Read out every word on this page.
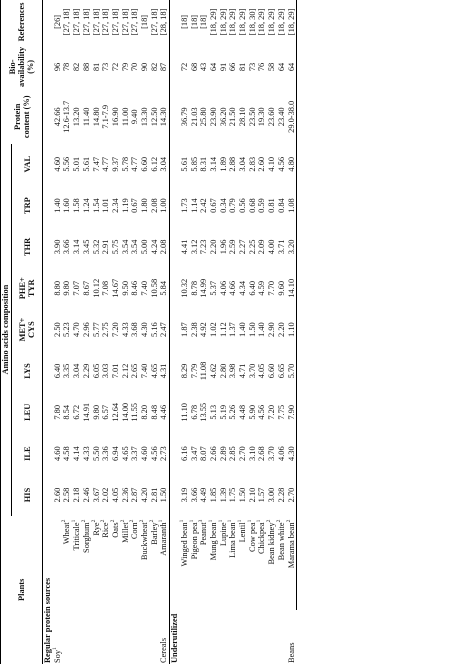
Plants		Amino acids composition									Protein content (%)	Bio- availability (%)	References
		HIS	ILE	LEU	LYS	MET+ CYS	PHE+ TYR	THR	TRP	VAL			
Regular protein sources													
Soy$^1$		2.60	4.60	7.80	6.40	2.50	8.80	3.90	1.40	4.60	42.66	96	[26]
Cereals	Wheat$^2$	2.58	4.58	8.54	3.35	5.23	9.80	3.66	1.60	5.56	12.6-13.7	78	[27, 18]
	Triticale$^1$	2.18	4.14	6.72	3.04	4.70	7.07	3.14	1.58	5.01	13.20	82	[27, 18]
	Sorghum$^2$	2.46	4.33	14.91	2.29	2.96	8.67	3.45	1.24	5.61	11.40	88	[27, 18]
	Rye$^2$	3.67	5.50	9.80	6.05	5.77	10.12	5.32	1.54	7.47	14.80	81	[27, 18]
	Rice$^2$	2.02	3.36	6.57	3.03	2.75	7.08	2.91	1.01	4.77	7.1-7.9	73	[27, 18]
	Oats$^2$	4.05	6.94	12.64	7.01	7.20	14.67	5.75	2.34	9.37	16.90	72	[27, 18]
	Millet$^2$	2.36	4.65	14.00	2.12	4.33	9.50	3.54	1.19	5.78	11.00	79	[27, 18]
	Corn$^2$	2.87	3.37	11.55	2.65	3.68	8.46	3.54	0.67	4.77	9.40	70	[27, 18]
	Buckwheat$^2$	4.20	4.60	8.20	7.40	4.30	7.40	5.00	1.80	6.60	13.30	90	[18]
	Barley$^2$	2.81	4.56	8.48	4.65	5.16	10.58	4.24	2.08	6.12	12.50	82	[27, 18]
	Amaranth$^1$	1.50	2.73	4.46	4.31	2.47	5.84	2.08	1.00	3.04	14.30	87	[28, 18]
Underutilized													
Beans	Winged bean$^1$	3.19	6.16	11.10	8.29	1.87	10.32	4.41	1.73	5.61	36.79	72	[18]
	Pigeon pea$^1$	3.66	3.47	6.78	7.79	2.38	8.78	3.12	1.14	5.85	21.03	68	[18]
	Peanut$^3$	4.49	8.07	13.55	11.08	4.92	14.99	7.23	2.42	8.31	25.80	43	[18]
	Mung bean$^1$	1.85	2.66	5.13	4.62	1.02	5.37	2.20	0.67	3.14	23.90	64	[18, 29]
	Lupine$^1$	1.39	2.89	5.19	2.80	1.12	4.06	1.96	0.34	1.89	36.20	91	[18, 29]
	Lima bean$^1$	1.75	2.85	5.26	3.98	1.37	4.66	2.59	0.79	2.88	21.50	66	[18, 29]
	Lentil$^1$	1.50	2.70	4.48	4.71	1.40	4.34	2.27	0.56	3.04	28.10	81	[18, 29]
	Cow pea$^1$	2.10	3.10	5.90	3.70	1.50	6.40	2.25	0.68	2.83	23.50	73	[18, 30]
	Chickpea$^1$	1.57	2.68	4.56	4.05	1.40	4.59	2.09	0.59	2.60	19.30	76	[18, 29]
	Bean kidney$^2$	3.00	3.70	7.20	6.60	2.90	7.70	4.00	0.81	4.10	23.60	58	[18, 29]
	Bean white$^2$	2.28	4.06	7.75	6.65	2.20	9.60	3.71	0.84	4.56	23.40	64	[18, 29]
	Marama bean$^2$	2.70	4.30	7.90	5.70	1.10	14.10	3.20	1.08	4.80	29.0-38.0	64	[18, 29]
